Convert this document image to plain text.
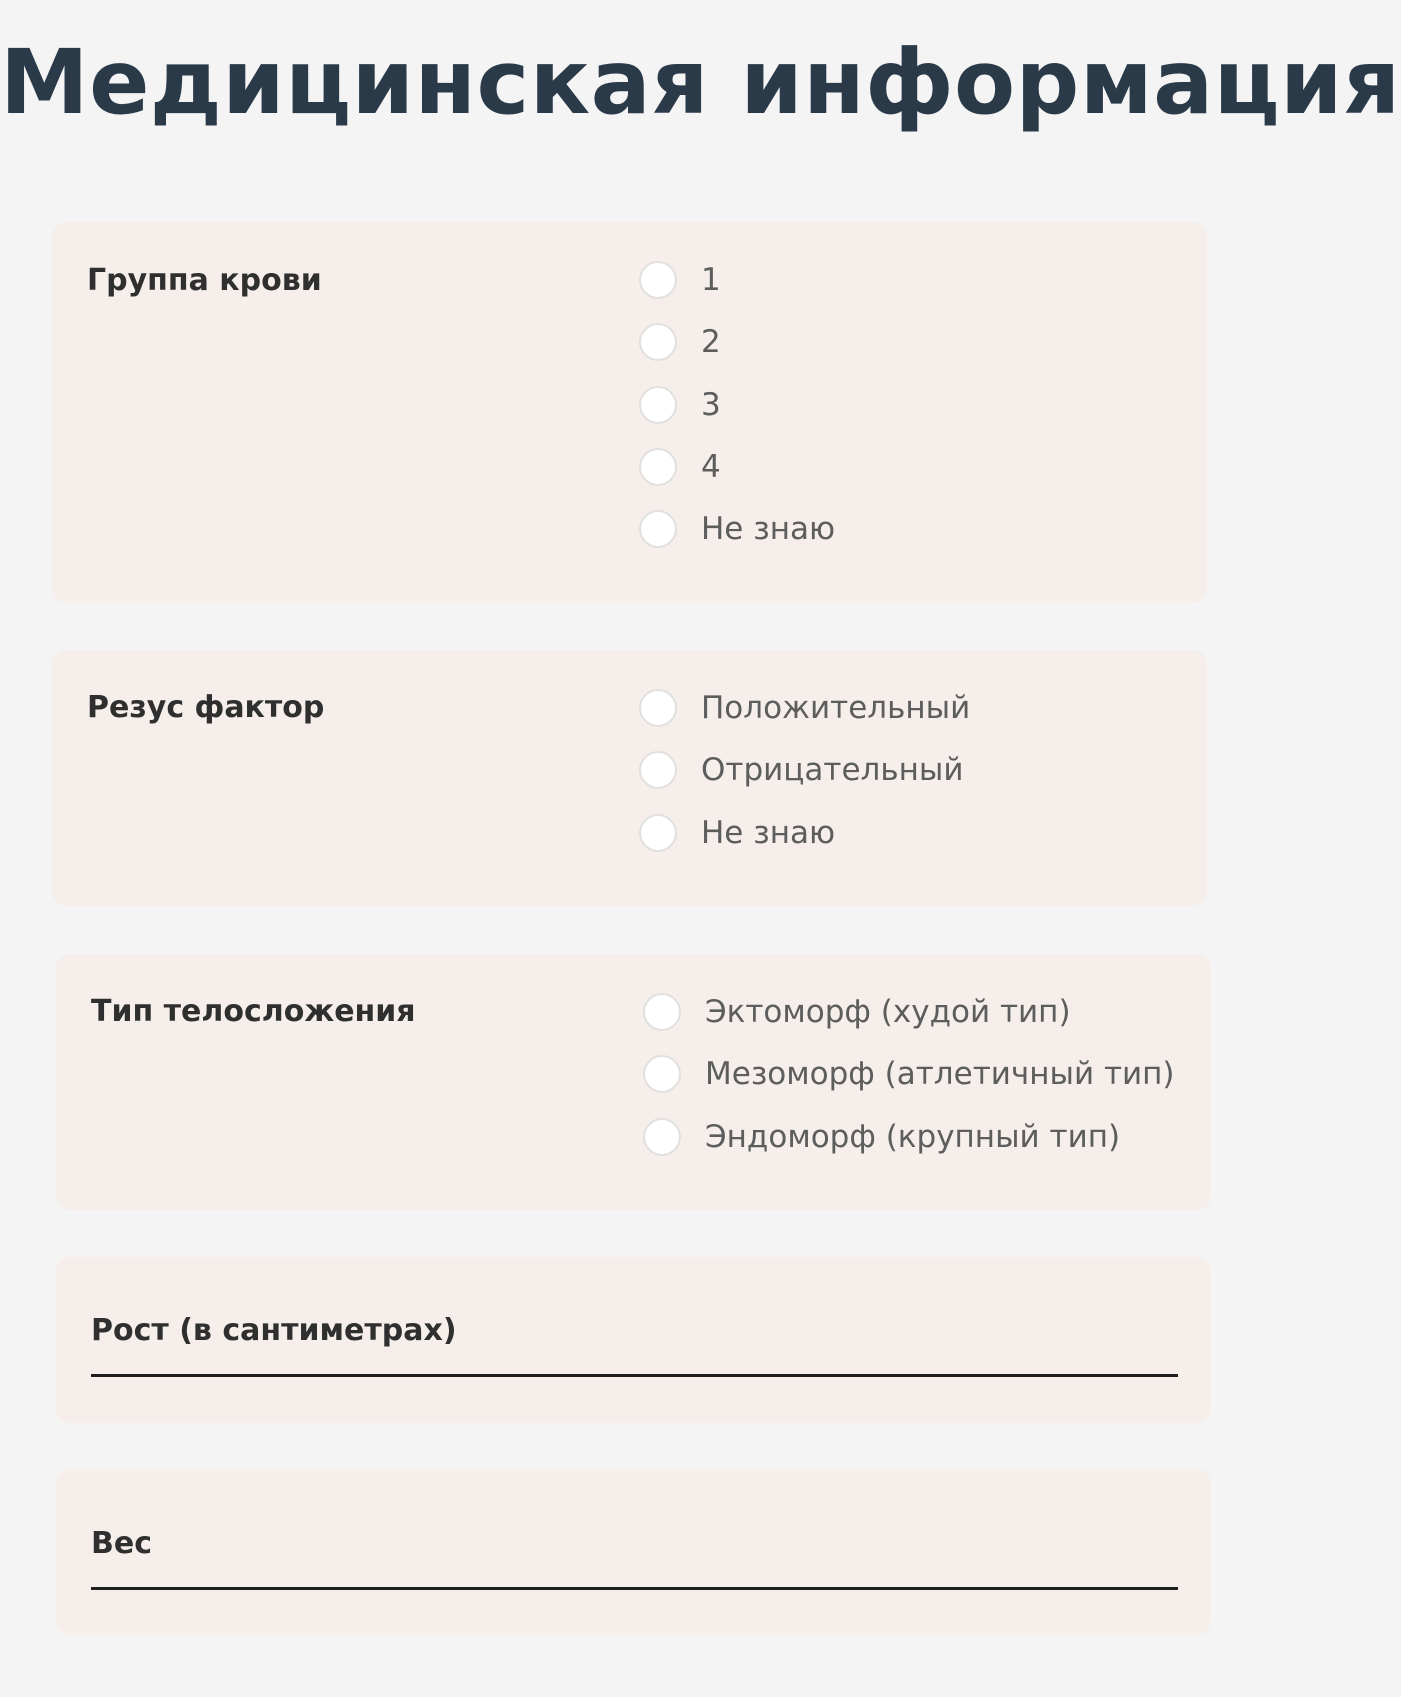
Медицинская информация
Группа крови	1
2
3
4
Не знаю
Резус фактор	Положительный
Отрицательный
Не знаю
Тип телосложения	Эктоморф (худой тип)
Мезоморф (атлетичный тип)
Эндоморф (крупный тип)
Рост (в сантиметрах)
Вес
